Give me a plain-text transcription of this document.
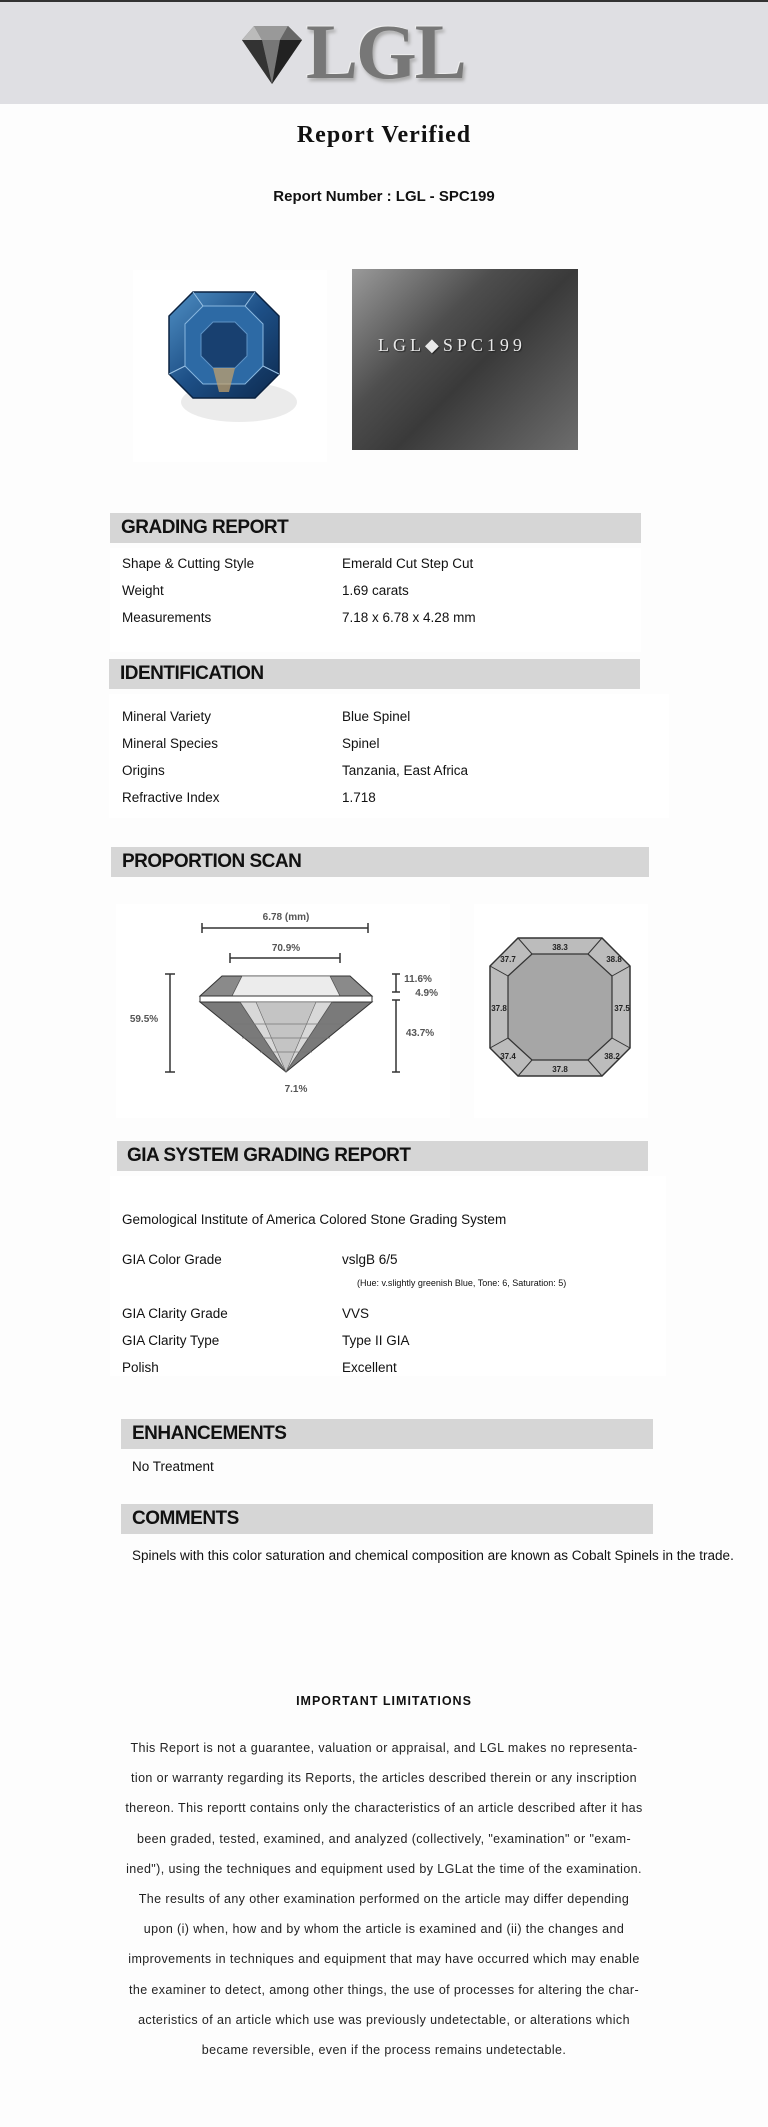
LGL
Report Verified
Report Number : LGL - SPC199
LGL◆SPC199
GRADING REPORT
Shape & Cutting Style	Emerald Cut Step Cut
Weight	1.69 carats
Measurements	7.18 x 6.78 x 4.28 mm
IDENTIFICATION
Mineral Variety	Blue Spinel
Mineral Species	Spinel
Origins	Tanzania, East Africa
Refractive Index	1.718
PROPORTION SCAN
6.78 (mm)
70.9%
59.5%
11.6%
4.9%
43.7%
7.1%
38.3
37.7	38.8
37.8	37.5
37.4
37.8
38.2
GIA SYSTEM GRADING REPORT
Gemological Institute of America Colored Stone Grading System
GIA Color Grade	vslgB 6/5
(Hue: v.slightly greenish Blue, Tone: 6, Saturation: 5)
GIA Clarity Grade	VVS
GIA Clarity Type	Type II GIA
Polish	Excellent
ENHANCEMENTS
No Treatment
COMMENTS
Spinels with this color saturation and chemical composition are known as Cobalt Spinels in the trade.
IMPORTANT LIMITATIONS
This Report is not a guarantee, valuation or appraisal, and LGL makes no representa-
tion or warranty regarding its Reports, the articles described therein or any inscription
thereon. This reportt contains only the characteristics of an article described after it has
been graded, tested, examined, and analyzed (collectively, "examination" or "exam-
ined"), using the techniques and equipment used by LGLat the time of the examination.
The results of any other examination performed on the article may differ depending
upon (i) when, how and by whom the article is examined and (ii) the changes and
improvements in techniques and equipment that may have occurred which may enable
the examiner to detect, among other things, the use of processes for altering the char-
acteristics of an article which use was previously undetectable, or alterations which
became reversible, even if the process remains undetectable.
